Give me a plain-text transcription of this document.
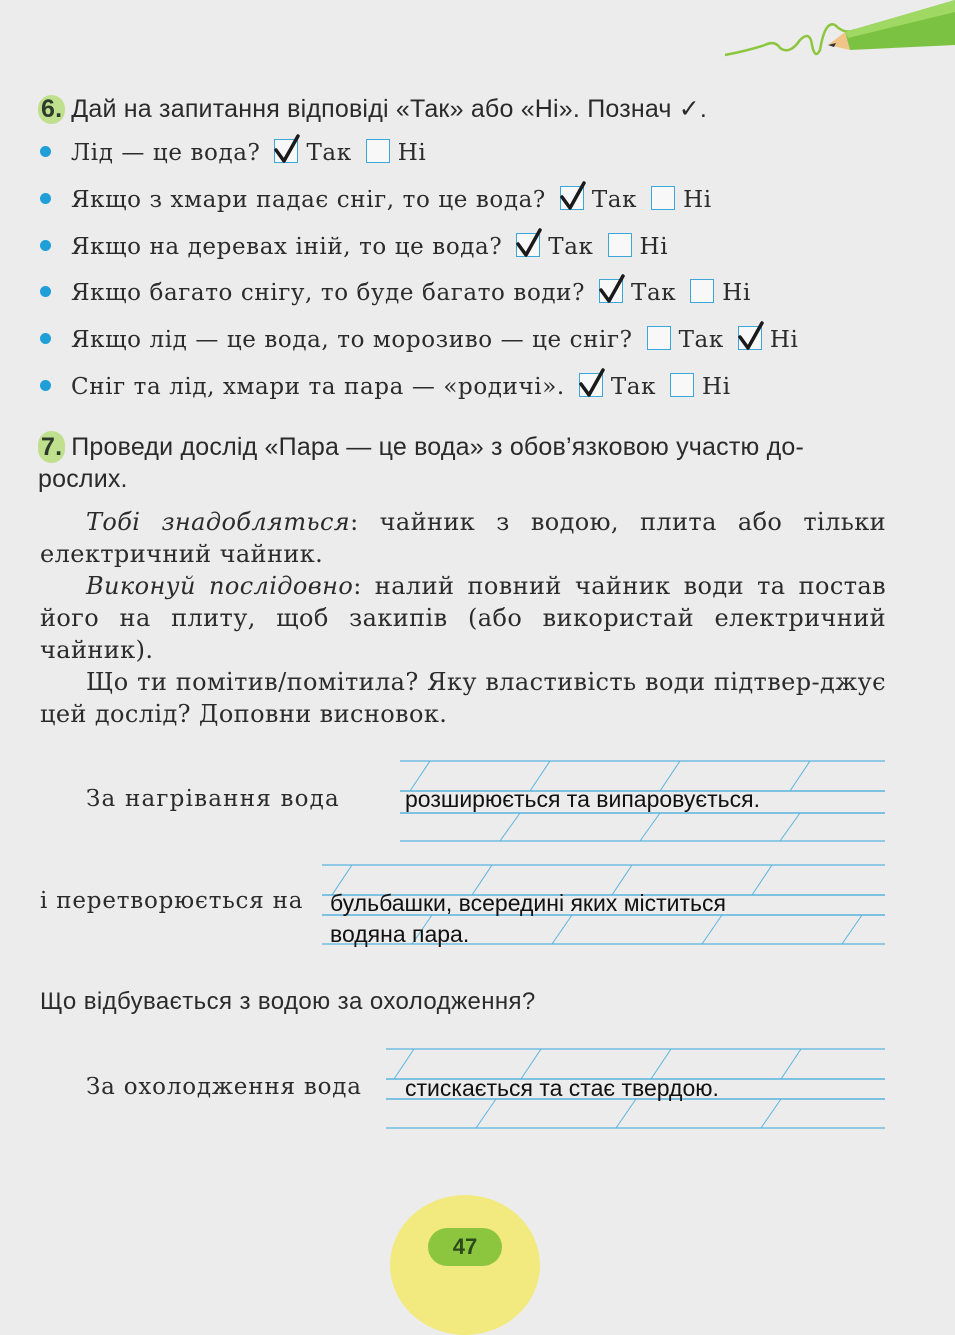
6. Дай на запитання відповіді «Так» або «Ні». Познач ✓.
Лід — це вода? Так Ні
Якщо з хмари падає сніг, то це вода? Так Ні
Якщо на деревах іній, то це вода? Так Ні
Якщо багато снігу, то буде багато води? Так Ні
Якщо лід — це вода, то морозиво — це сніг? Так Ні
Сніг та лід, хмари та пара — «родичі». Так Ні
7. Проведи дослід «Пара — це вода» з обов’язковою участю до-
рослих.
Тобі знадобляться: чайник з водою, плита або тільки електричний чайник.
Виконуй послідовно: налий повний чайник води та постав його на плиту, щоб закипів (або використай електричний чайник).
Що ти помітив/помітила? Яку властивість води підтвер-джує цей дослід? Доповни висновок.
За нагрівання вода	розширюється та випаровується.
і перетворюється на бульбашки, всередині яких міститься
водяна пара.
Що відбувається з водою за охолодження?
За охолодження вода стискається та стає твердою.
47
